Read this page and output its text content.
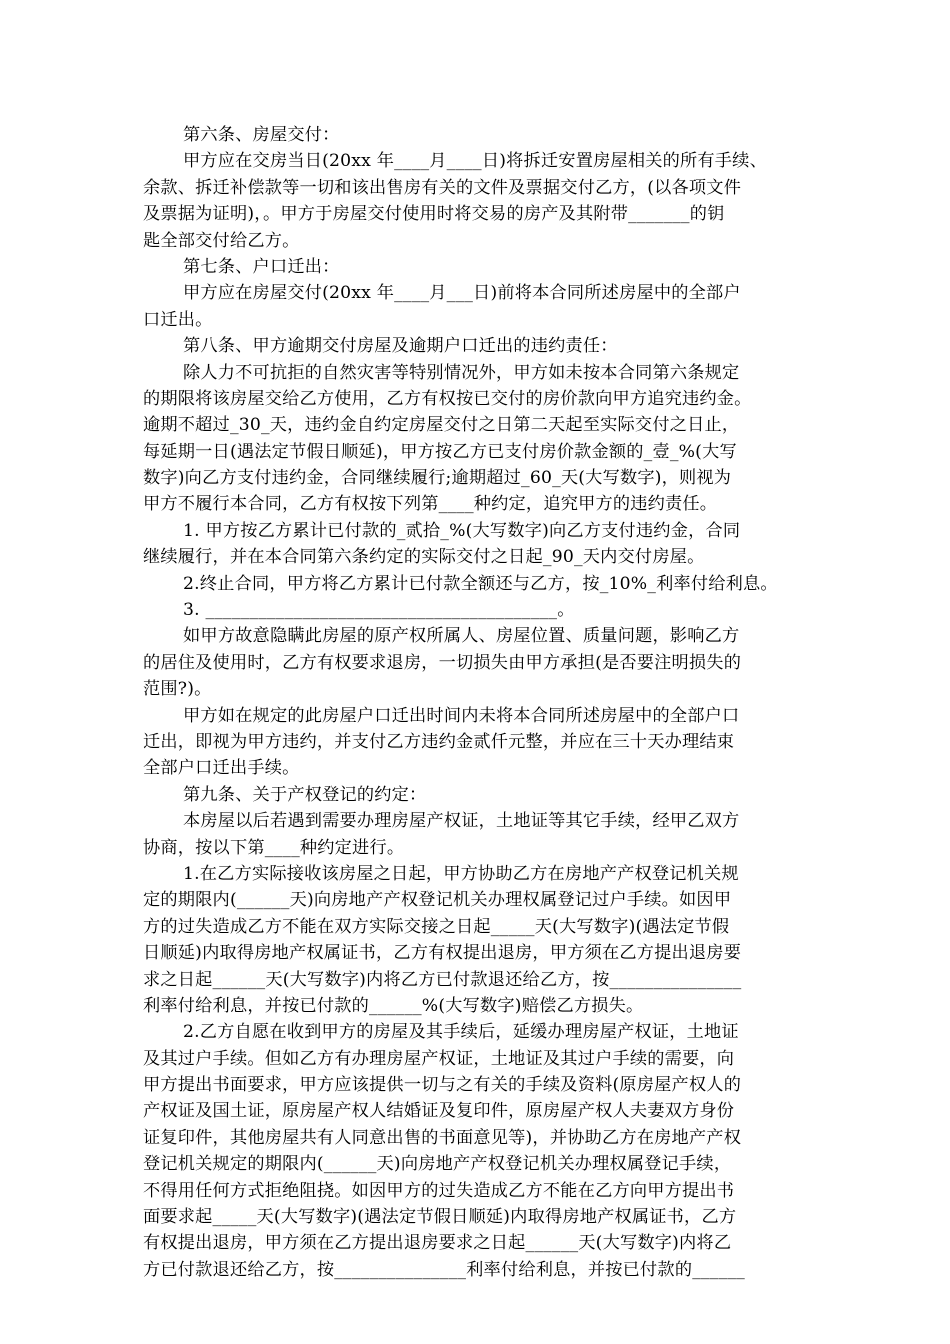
第六条、房屋交付：
甲方应在交房当日(20xx 年____月____日)将拆迁安置房屋相关的所有手续、
余款、拆迁补偿款等一切和该出售房有关的文件及票据交付乙方，(以各项文件
及票据为证明)，。甲方于房屋交付使用时将交易的房产及其附带_______的钥
匙全部交付给乙方。
第七条、户口迁出：
甲方应在房屋交付(20xx 年____月___日)前将本合同所述房屋中的全部户
口迁出。
第八条、甲方逾期交付房屋及逾期户口迁出的违约责任：
除人力不可抗拒的自然灾害等特别情况外，甲方如未按本合同第六条规定
的期限将该房屋交给乙方使用，乙方有权按已交付的房价款向甲方追究违约金。
逾期不超过_30_天，违约金自约定房屋交付之日第二天起至实际交付之日止，
每延期一日(遇法定节假日顺延)，甲方按乙方已支付房价款金额的_壹_%(大写
数字)向乙方支付违约金，合同继续履行;逾期超过_60_天(大写数字)，则视为
甲方不履行本合同，乙方有权按下列第____种约定，追究甲方的违约责任。
1. 甲方按乙方累计已付款的_贰拾_%(大写数字)向乙方支付违约金，合同
继续履行，并在本合同第六条约定的实际交付之日起_90_天内交付房屋。
2.终止合同，甲方将乙方累计已付款全额还与乙方，按_10%_利率付给利息。
3. ________________________________________。
如甲方故意隐瞒此房屋的原产权所属人、房屋位置、质量问题，影响乙方
的居住及使用时，乙方有权要求退房，一切损失由甲方承担(是否要注明损失的
范围?)。
甲方如在规定的此房屋户口迁出时间内未将本合同所述房屋中的全部户口
迁出，即视为甲方违约，并支付乙方违约金贰仟元整，并应在三十天办理结束
全部户口迁出手续。
第九条、关于产权登记的约定：
本房屋以后若遇到需要办理房屋产权证，土地证等其它手续，经甲乙双方
协商，按以下第____种约定进行。
1.在乙方实际接收该房屋之日起，甲方协助乙方在房地产产权登记机关规
定的期限内(______天)向房地产产权登记机关办理权属登记过户手续。如因甲
方的过失造成乙方不能在双方实际交接之日起_____天(大写数字)(遇法定节假
日顺延)内取得房地产权属证书，乙方有权提出退房，甲方须在乙方提出退房要
求之日起______天(大写数字)内将乙方已付款退还给乙方，按_______________
利率付给利息，并按已付款的______%(大写数字)赔偿乙方损失。
2.乙方自愿在收到甲方的房屋及其手续后，延缓办理房屋产权证，土地证
及其过户手续。但如乙方有办理房屋产权证，土地证及其过户手续的需要，向
甲方提出书面要求，甲方应该提供一切与之有关的手续及资料(原房屋产权人的
产权证及国土证，原房屋产权人结婚证及复印件，原房屋产权人夫妻双方身份
证复印件，其他房屋共有人同意出售的书面意见等)，并协助乙方在房地产产权
登记机关规定的期限内(______天)向房地产产权登记机关办理权属登记手续，
不得用任何方式拒绝阻挠。如因甲方的过失造成乙方不能在乙方向甲方提出书
面要求起_____天(大写数字)(遇法定节假日顺延)内取得房地产权属证书，乙方
有权提出退房，甲方须在乙方提出退房要求之日起______天(大写数字)内将乙
方已付款退还给乙方，按_______________利率付给利息，并按已付款的______
